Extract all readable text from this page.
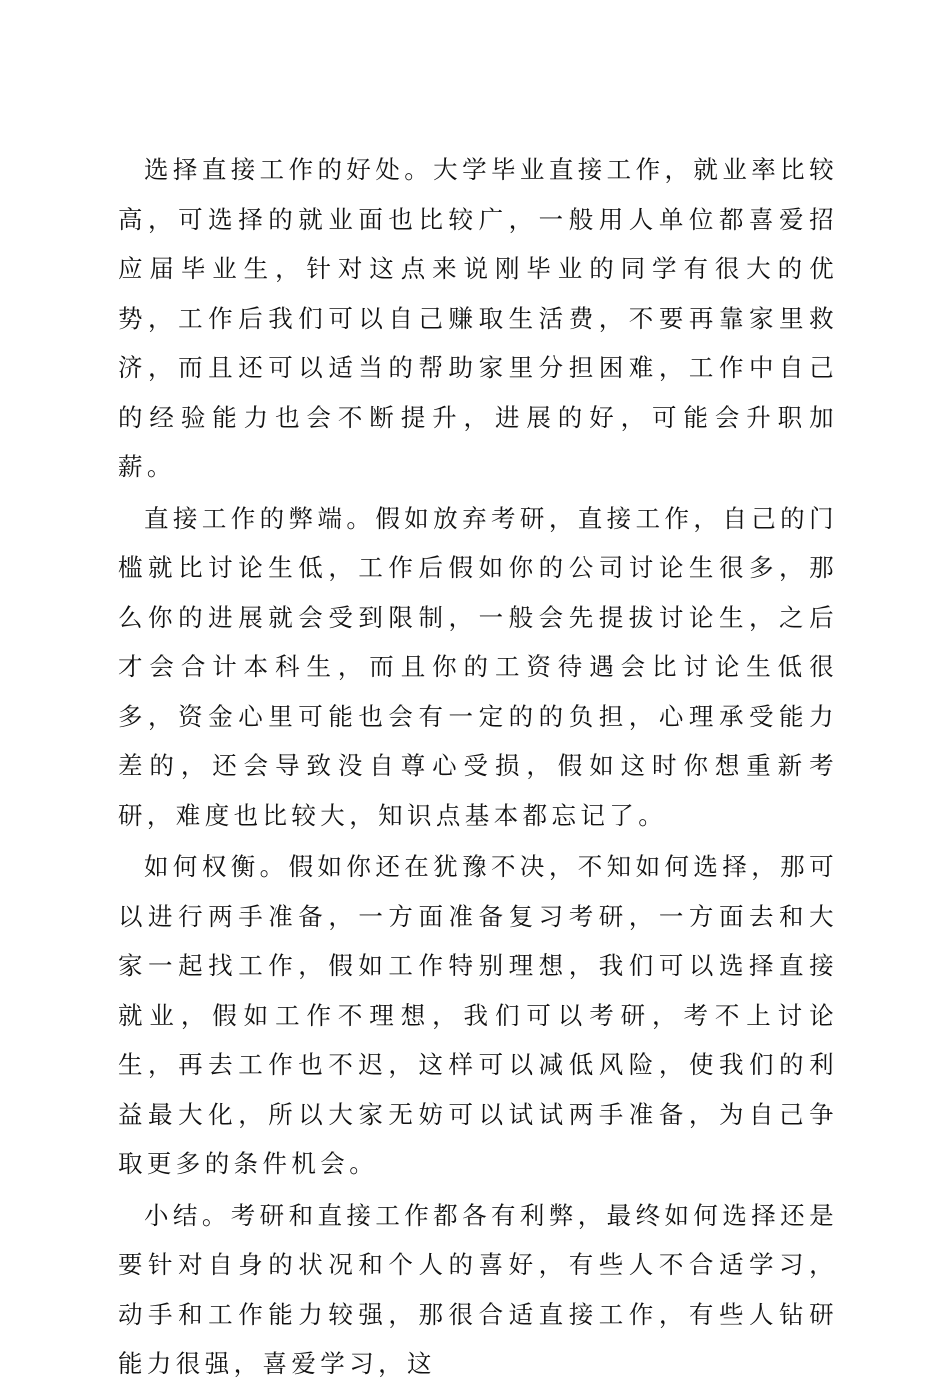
选择直接工作的好处。大学毕业直接工作，就业率比较高，可选择的就业面也比较广，一般用人单位都喜爱招应届毕业生，针对这点来说刚毕业的同学有很大的优势，工作后我们可以自己赚取生活费，不要再靠家里救济，而且还可以适当的帮助家里分担困难，工作中自己的经验能力也会不断提升，进展的好，可能会升职加薪。

直接工作的弊端。假如放弃考研，直接工作，自己的门槛就比讨论生低，工作后假如你的公司讨论生很多，那么你的进展就会受到限制，一般会先提拔讨论生，之后才会合计本科生，而且你的工资待遇会比讨论生低很多，资金心里可能也会有一定的的负担，心理承受能力差的，还会导致没自尊心受损，假如这时你想重新考研，难度也比较大，知识点基本都忘记了。

如何权衡。假如你还在犹豫不决，不知如何选择，那可以进行两手准备，一方面准备复习考研，一方面去和大家一起找工作，假如工作特别理想，我们可以选择直接就业，假如工作不理想，我们可以考研，考不上讨论生，再去工作也不迟，这样可以减低风险，使我们的利益最大化，所以大家无妨可以试试两手准备，为自己争取更多的条件机会。

小结。考研和直接工作都各有利弊，最终如何选择还是要针对自身的状况和个人的喜好，有些人不合适学习，动手和工作能力较强，那很合适直接工作，有些人钻研能力很强，喜爱学习，这
